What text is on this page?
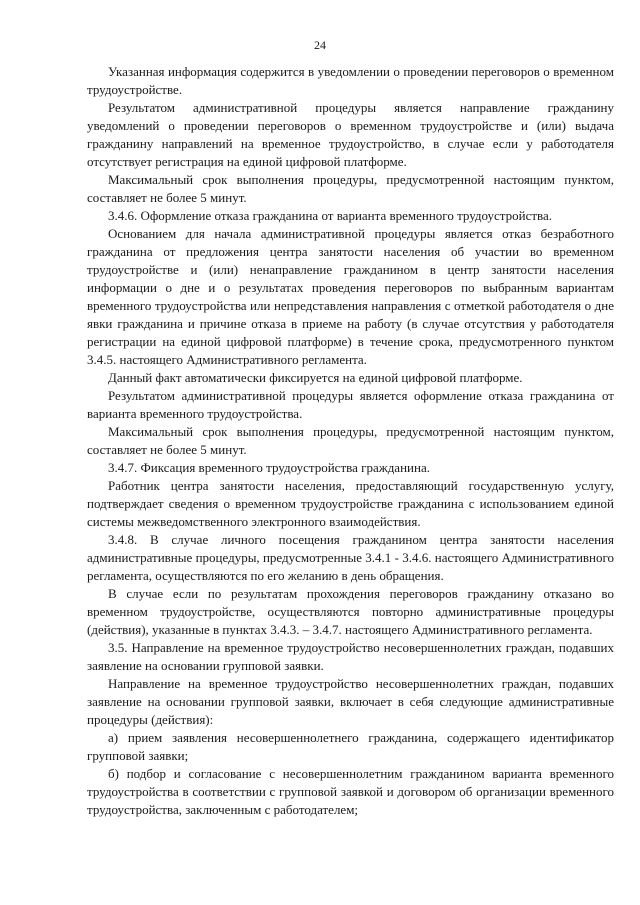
24

Указанная информация содержится в уведомлении о проведении переговоров о временном трудоустройстве.

Результатом административной процедуры является направление гражданину уведомлений о проведении переговоров о временном трудоустройстве и (или) выдача гражданину направлений на временное трудоустройство, в случае если у работодателя отсутствует регистрация на единой цифровой платформе.

Максимальный срок выполнения процедуры, предусмотренной настоящим пунктом, составляет не более 5 минут.

3.4.6. Оформление отказа гражданина от варианта временного трудоустройства.

Основанием для начала административной процедуры является отказ безработного гражданина от предложения центра занятости населения об участии во временном трудоустройстве и (или) ненаправление гражданином в центр занятости населения информации о дне и о результатах проведения переговоров по выбранным вариантам временного трудоустройства или непредставления направления с отметкой работодателя о дне явки гражданина и причине отказа в приеме на работу (в случае отсутствия у работодателя регистрации на единой цифровой платформе) в течение срока, предусмотренного пунктом 3.4.5. настоящего Административного регламента.

Данный факт автоматически фиксируется на единой цифровой платформе.

Результатом административной процедуры является оформление отказа гражданина от варианта временного трудоустройства.

Максимальный срок выполнения процедуры, предусмотренной настоящим пунктом, составляет не более 5 минут.

3.4.7. Фиксация временного трудоустройства гражданина.

Работник центра занятости населения, предоставляющий государственную услугу, подтверждает сведения о временном трудоустройстве гражданина с использованием единой системы межведомственного электронного взаимодействия.

3.4.8. В случае личного посещения гражданином центра занятости населения административные процедуры, предусмотренные 3.4.1 - 3.4.6. настоящего Административного регламента, осуществляются по его желанию в день обращения.

В случае если по результатам прохождения переговоров гражданину отказано во временном трудоустройстве, осуществляются повторно административные процедуры (действия), указанные в пунктах 3.4.3. – 3.4.7. настоящего Административного регламента.

3.5. Направление на временное трудоустройство несовершеннолетних граждан, подавших заявление на основании групповой заявки.

Направление на временное трудоустройство несовершеннолетних граждан, подавших заявление на основании групповой заявки, включает в себя следующие административные процедуры (действия):

а) прием заявления несовершеннолетнего гражданина, содержащего идентификатор групповой заявки;

б) подбор и согласование с несовершеннолетним гражданином варианта временного трудоустройства в соответствии с групповой заявкой и договором об организации временного трудоустройства, заключенным с работодателем;
